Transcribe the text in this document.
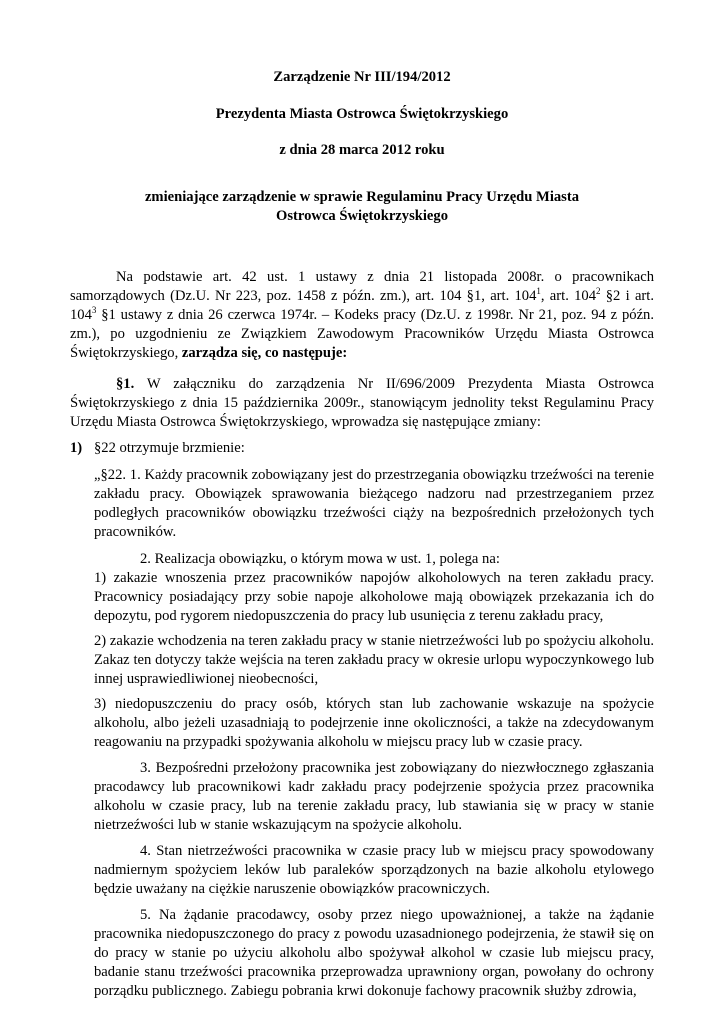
Zarządzenie Nr III/194/2012

Prezydenta Miasta Ostrowca Świętokrzyskiego

z dnia 28 marca 2012 roku

zmieniające zarządzenie w sprawie Regulaminu Pracy Urzędu Miasta
Ostrowca Świętokrzyskiego

Na podstawie art. 42 ust. 1 ustawy z dnia 21 listopada 2008r. o pracownikach samorządowych (Dz.U. Nr 223, poz. 1458 z późn. zm.), art. 104 §1, art. $104^1$, art. $104^2$ §2 i art. $104^3$ §1 ustawy z dnia 26 czerwca 1974r. – Kodeks pracy (Dz.U. z 1998r. Nr 21, poz. 94 z późn. zm.), po uzgodnieniu ze Związkiem Zawodowym Pracowników Urzędu Miasta Ostrowca Świętokrzyskiego, zarządza się, co następuje:

§1. W załączniku do zarządzenia Nr II/696/2009 Prezydenta Miasta Ostrowca Świętokrzyskiego z dnia 15 października 2009r., stanowiącym jednolity tekst Regulaminu Pracy Urzędu Miasta Ostrowca Świętokrzyskiego, wprowadza się następujące zmiany:

1) §22 otrzymuje brzmienie:

„§22. 1. Każdy pracownik zobowiązany jest do przestrzegania obowiązku trzeźwości na terenie zakładu pracy. Obowiązek sprawowania bieżącego nadzoru nad przestrzeganiem przez podległych pracowników obowiązku trzeźwości ciąży na bezpośrednich przełożonych tych pracowników.

2. Realizacja obowiązku, o którym mowa w ust. 1, polega na:

1) zakazie wnoszenia przez pracowników napojów alkoholowych na teren zakładu pracy. Pracownicy posiadający przy sobie napoje alkoholowe mają obowiązek przekazania ich do depozytu, pod rygorem niedopuszczenia do pracy lub usunięcia z terenu zakładu pracy,

2) zakazie wchodzenia na teren zakładu pracy w stanie nietrzeźwości lub po spożyciu alkoholu. Zakaz ten dotyczy także wejścia na teren zakładu pracy w okresie urlopu wypoczynkowego lub innej usprawiedliwionej nieobecności,

3) niedopuszczeniu do pracy osób, których stan lub zachowanie wskazuje na spożycie alkoholu, albo jeżeli uzasadniają to podejrzenie inne okoliczności, a także na zdecydowanym reagowaniu na przypadki spożywania alkoholu w miejscu pracy lub w czasie pracy.

3. Bezpośredni przełożony pracownika jest zobowiązany do niezwłocznego zgłaszania pracodawcy lub pracownikowi kadr zakładu pracy podejrzenie spożycia przez pracownika alkoholu w czasie pracy, lub na terenie zakładu pracy, lub stawiania się w pracy w stanie nietrzeźwości lub w stanie wskazującym na spożycie alkoholu.

4. Stan nietrzeźwości pracownika w czasie pracy lub w miejscu pracy spowodowany nadmiernym spożyciem leków lub paraleków sporządzonych na bazie alkoholu etylowego będzie uważany na ciężkie naruszenie obowiązków pracowniczych.

5. Na żądanie pracodawcy, osoby przez niego upoważnionej, a także na żądanie pracownika niedopuszczonego do pracy z powodu uzasadnionego podejrzenia, że stawił się on do pracy w stanie po użyciu alkoholu albo spożywał alkohol w czasie lub miejscu pracy, badanie stanu trzeźwości pracownika przeprowadza uprawniony organ, powołany do ochrony porządku publicznego. Zabiegu pobrania krwi dokonuje fachowy pracownik służby zdrowia,
